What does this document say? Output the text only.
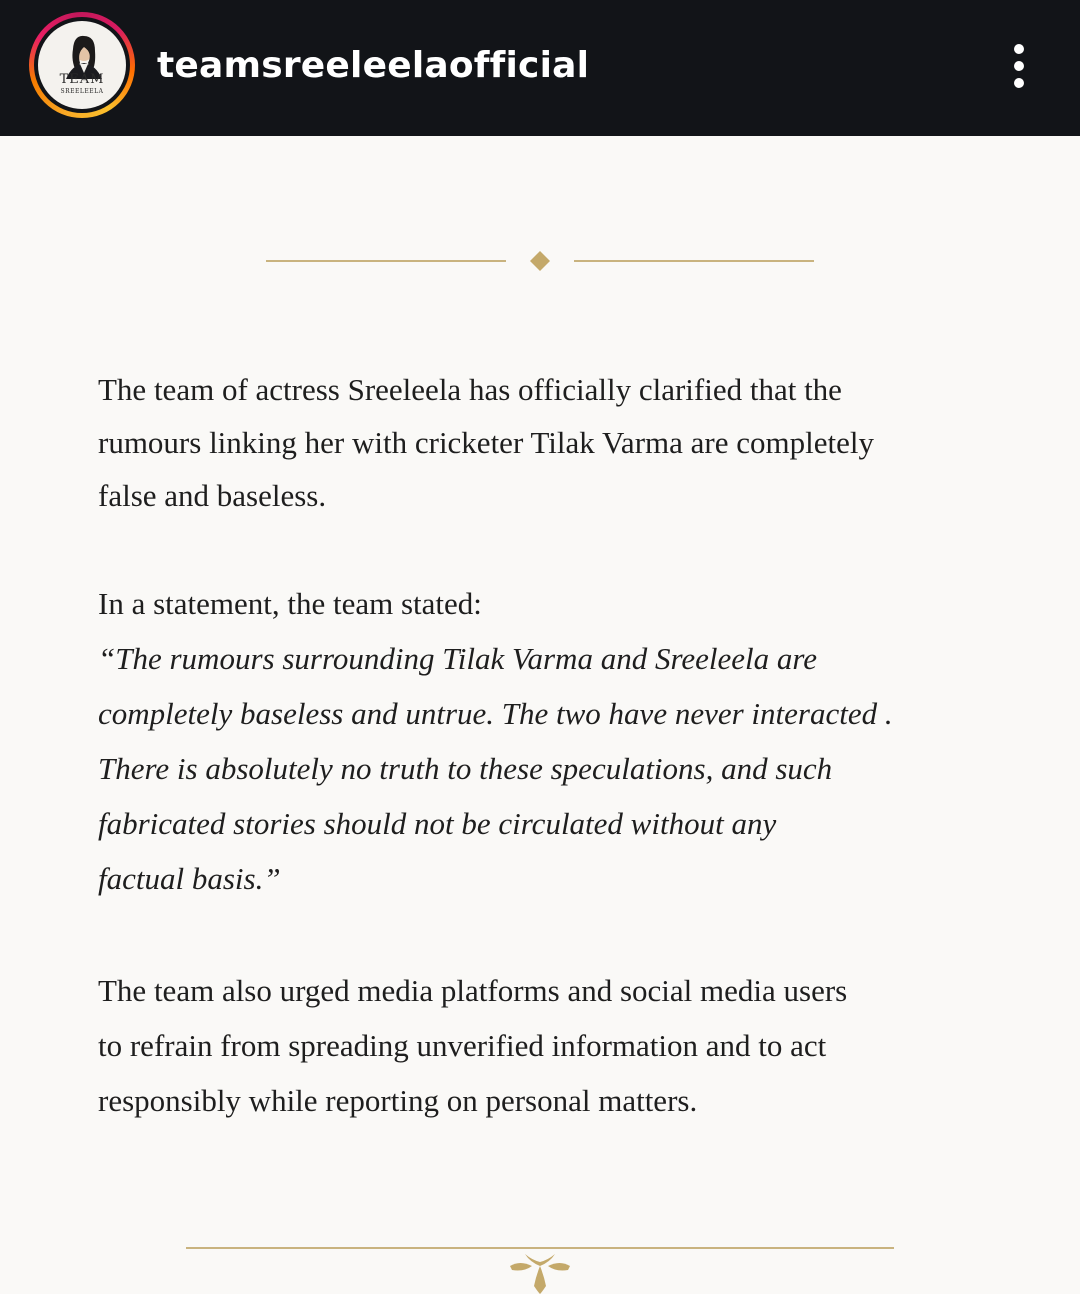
TEAM
SREELEELA
teamsreeleelaofficial
The team of actress Sreeleela has officially clarified that the
rumours linking her with cricketer Tilak Varma are completely
false and baseless.
In a statement, the team stated:
“The rumours surrounding Tilak Varma and Sreeleela are
completely baseless and untrue. The two have never interacted .
There is absolutely no truth to these speculations, and such
fabricated stories should not be circulated without any
factual basis.”
The team also urged media platforms and social media users
to refrain from spreading unverified information and to act
responsibly while reporting on personal matters.
